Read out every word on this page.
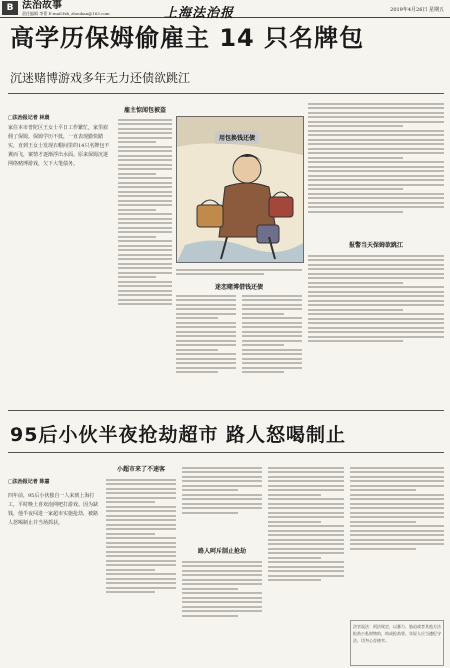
B 法治故事
责任编辑 李菁 E-mail:fzb_zhoukan@163.com	上海法治报	2019年4月26日 星期五
高学历保姆偷雇主 14 只名牌包
沉迷赌博游戏多年无力还债欲跳江
□法治报记者 林晨
家住本市普陀区王女士平日工作繁忙，家里雇佣了保姆。保姆学历不低，一直表现勤快踏实，直到王女士发现衣帽间里的14只名牌包不翼而飞，案情才逐渐浮出水面。原来保姆沉迷网络赌博游戏，欠下大笔债务。
雇主惊闻包被盗
用包换钱还债
迷恋赌博借钱还债
报警当天保姆欲跳江
95后小伙半夜抢劫超市 路人怒喝制止
□法治报记者 陈嘉
四年前，95后小伙独自一人来到上海打工，平时晚上喜欢泡网吧打游戏。因为缺钱，他半夜闯进一家超市实施抢劫，被路人怒喝制止并当场抓获。
小超市来了不速客
路人呵斥制止抢劫
法官说法：刑法规定，以暴力、胁迫或者其他方法抢劫公私财物的，构成抢劫罪。年轻人应当遵纪守法，切勿心存侥幸。
